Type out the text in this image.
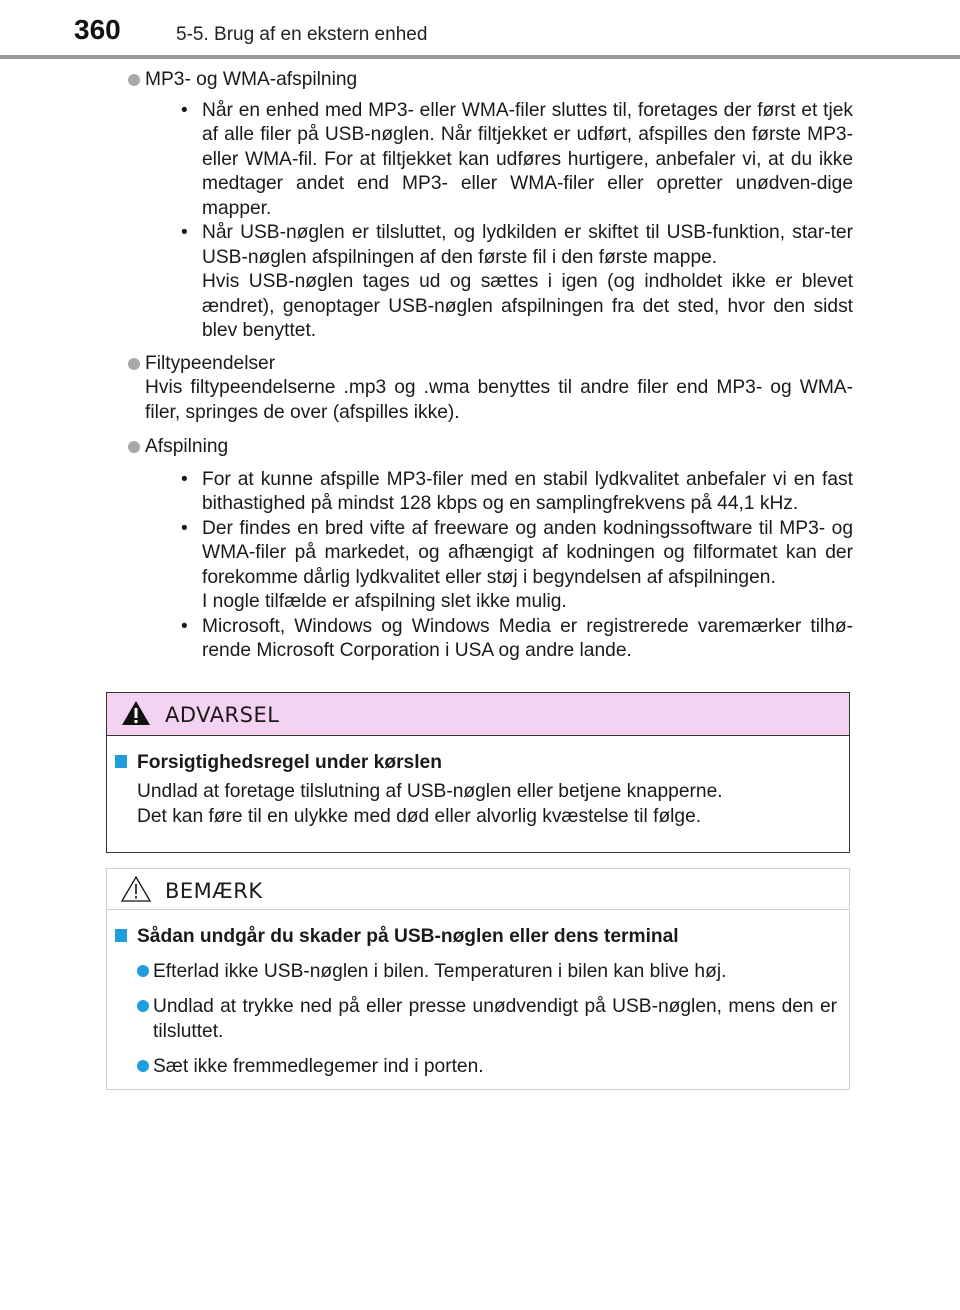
360	5-5. Brug af en ekstern enhed
MP3- og WMA-afspilning
• Når en enhed med MP3- eller WMA-filer sluttes til, foretages der først et tjek af alle filer på USB-nøglen. Når filtjekket er udført, afspilles den første MP3- eller WMA-fil. For at filtjekket kan udføres hurtigere, anbefaler vi, at du ikke medtager andet end MP3- eller WMA-filer eller opretter unødven-dige mapper.
• Når USB-nøglen er tilsluttet, og lydkilden er skiftet til USB-funktion, star-ter USB-nøglen afspilningen af den første fil i den første mappe.
Hvis USB-nøglen tages ud og sættes i igen (og indholdet ikke er blevet ændret), genoptager USB-nøglen afspilningen fra det sted, hvor den sidst blev benyttet.
Filtypeendelser
Hvis filtypeendelserne .mp3 og .wma benyttes til andre filer end MP3- og WMA-filer, springes de over (afspilles ikke).
Afspilning
• For at kunne afspille MP3-filer med en stabil lydkvalitet anbefaler vi en fast bithastighed på mindst 128 kbps og en samplingfrekvens på 44,1 kHz.
• Der findes en bred vifte af freeware og anden kodningssoftware til MP3- og WMA-filer på markedet, og afhængigt af kodningen og filformatet kan der forekomme dårlig lydkvalitet eller støj i begyndelsen af afspilningen.
I nogle tilfælde er afspilning slet ikke mulig.
• Microsoft, Windows og Windows Media er registrerede varemærker tilhø-rende Microsoft Corporation i USA og andre lande.
ADVARSEL
Forsigtighedsregel under kørslen
Undlad at foretage tilslutning af USB-nøglen eller betjene knapperne.
Det kan føre til en ulykke med død eller alvorlig kvæstelse til følge.
BEMÆRK
Sådan undgår du skader på USB-nøglen eller dens terminal
Efterlad ikke USB-nøglen i bilen. Temperaturen i bilen kan blive høj.
Undlad at trykke ned på eller presse unødvendigt på USB-nøglen, mens den er tilsluttet.
Sæt ikke fremmedlegemer ind i porten.
